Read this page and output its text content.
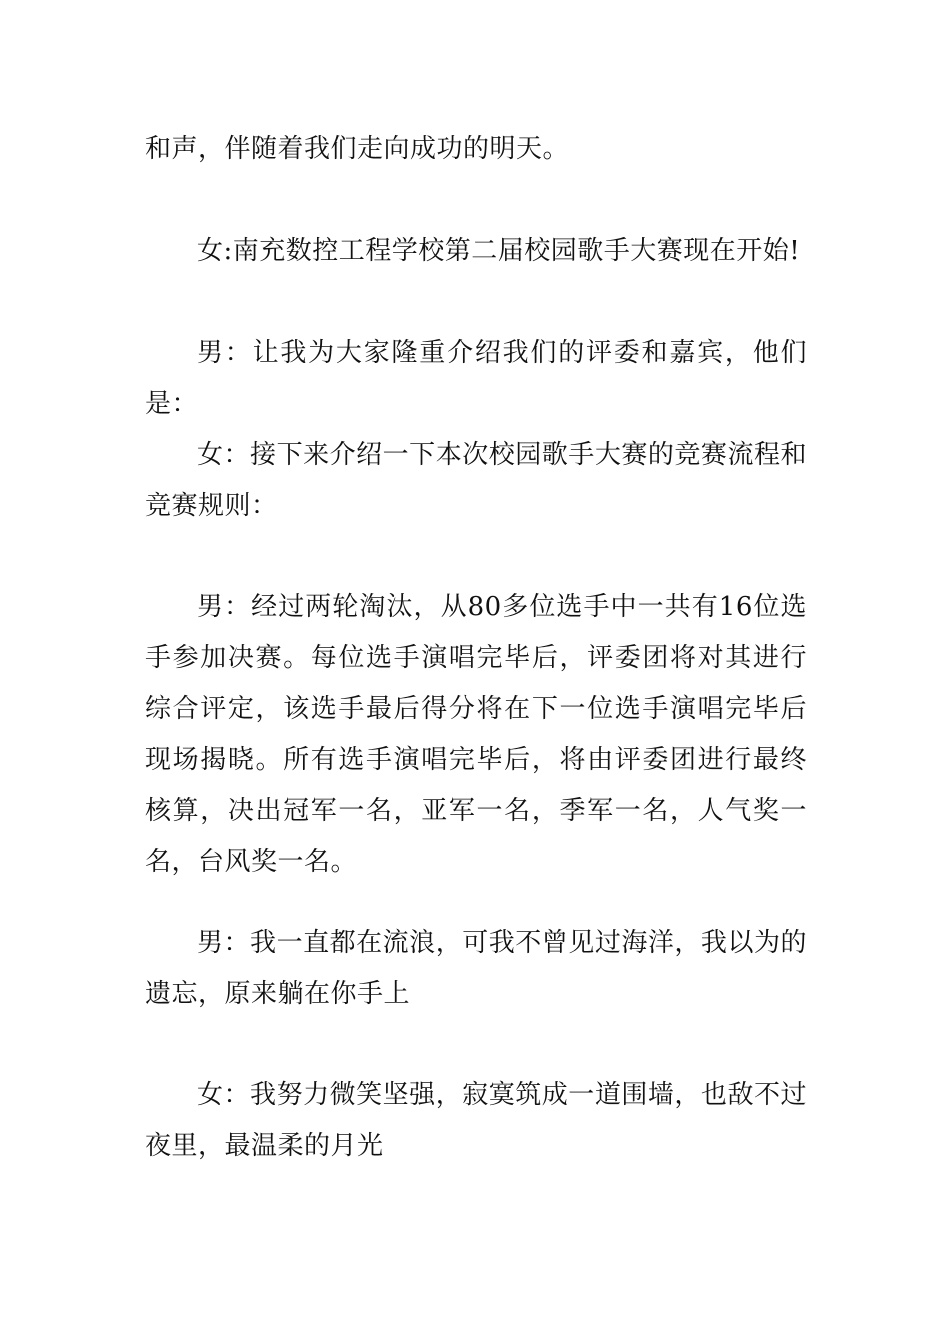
和声，伴随着我们走向成功的明天。

女:南充数控工程学校第二届校园歌手大赛现在开始!

男：让我为大家隆重介绍我们的评委和嘉宾，他们是：

女：接下来介绍一下本次校园歌手大赛的竞赛流程和竞赛规则：

男：经过两轮淘汰，从80多位选手中一共有16位选手参加决赛。每位选手演唱完毕后，评委团将对其进行综合评定，该选手最后得分将在下一位选手演唱完毕后现场揭晓。所有选手演唱完毕后，将由评委团进行最终核算，决出冠军一名，亚军一名，季军一名，人气奖一名，台风奖一名。

男：我一直都在流浪，可我不曾见过海洋，我以为的遗忘，原来躺在你手上

女：我努力微笑坚强，寂寞筑成一道围墙，也敌不过夜里，最温柔的月光
